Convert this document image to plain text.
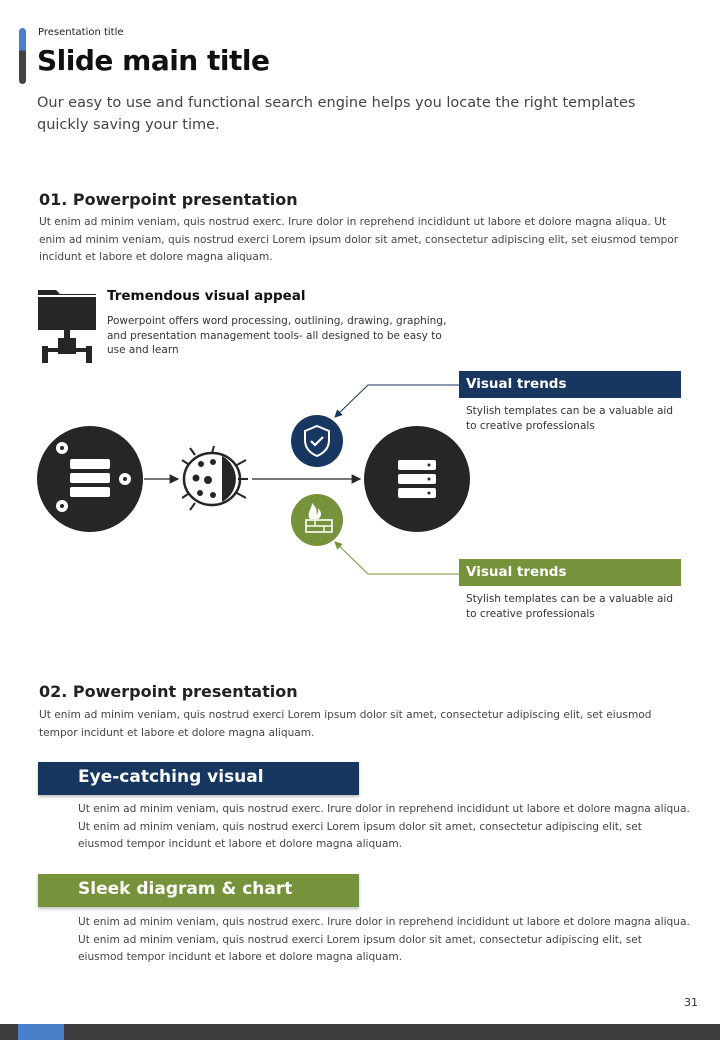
Presentation title
Slide main title
Our easy to use and functional search engine helps you locate the right templates quickly saving your time.
01. Powerpoint presentation
Ut enim ad minim veniam, quis nostrud exerc. Irure dolor in reprehend incididunt ut labore et dolore magna aliqua. Ut enim ad minim veniam, quis nostrud exerci Lorem ipsum dolor sit amet, consectetur adipiscing elit, set eiusmod tempor incidunt et labore et dolore magna aliquam.
Tremendous visual appeal
Powerpoint offers word processing, outlining, drawing, graphing, and presentation management tools- all designed to be easy to use and learn
Visual trends
Stylish templates can be a valuable aid to creative professionals
Visual trends
Stylish templates can be a valuable aid to creative professionals
02. Powerpoint presentation
Ut enim ad minim veniam, quis nostrud exerci Lorem ipsum dolor sit amet, consectetur adipiscing elit, set eiusmod tempor incidunt et labore et dolore magna aliquam.
Eye-catching visual
Ut enim ad minim veniam, quis nostrud exerc. Irure dolor in reprehend incididunt ut labore et dolore magna aliqua. Ut enim ad minim veniam, quis nostrud exerci Lorem ipsum dolor sit amet, consectetur adipiscing elit, set eiusmod tempor incidunt et labore et dolore magna aliquam.
Sleek diagram & chart
Ut enim ad minim veniam, quis nostrud exerc. Irure dolor in reprehend incididunt ut labore et dolore magna aliqua. Ut enim ad minim veniam, quis nostrud exerci Lorem ipsum dolor sit amet, consectetur adipiscing elit, set eiusmod tempor incidunt et labore et dolore magna aliquam.
31
